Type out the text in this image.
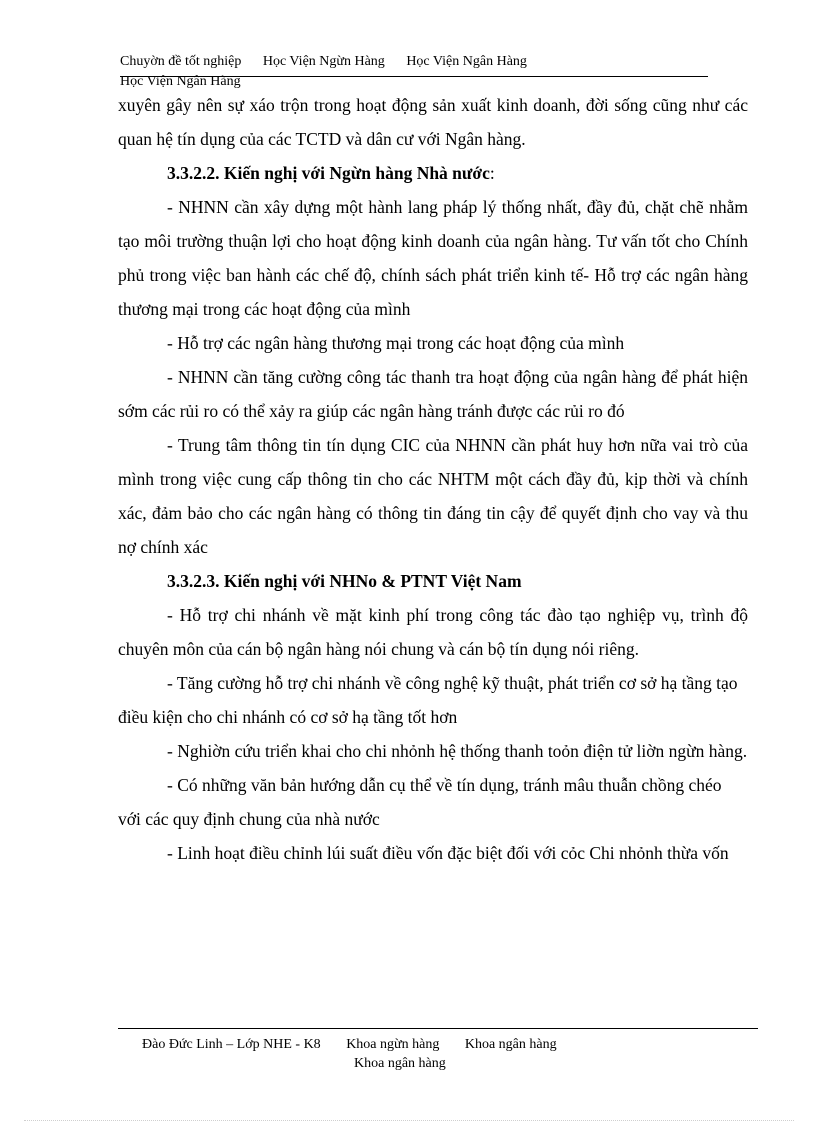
Chuyờn đề tốt nghiệp Học Viện Ngừn Hàng Học Viện Ngân Hàng
Học Viện Ngân Hàng

xuyên gây nên sự xáo trộn trong hoạt động sản xuất kinh doanh, đời sống cũng như các quan hệ tín dụng của các TCTD và dân cư với Ngân hàng.

3.3.2.2. Kiến nghị với Ngừn hàng Nhà nước:

- NHNN cần xây dựng một hành lang pháp lý thống nhất, đầy đủ, chặt chẽ nhằm tạo môi trường thuận lợi cho hoạt động kinh doanh của ngân hàng. Tư vấn tốt cho Chính phủ trong việc ban hành các chế độ, chính sách phát triển kinh tế- Hỗ trợ các ngân hàng thương mại trong các hoạt động của mình

- Hỗ trợ các ngân hàng thương mại trong các hoạt động của mình

- NHNN cần tăng cường công tác thanh tra hoạt động của ngân hàng để phát hiện sớm các rủi ro có thể xảy ra giúp các ngân hàng tránh được các rủi ro đó

- Trung tâm thông tin tín dụng CIC của NHNN cần phát huy hơn nữa vai trò của mình trong việc cung cấp thông tin cho các NHTM một cách đầy đủ, kịp thời và chính xác, đảm bảo cho các ngân hàng có thông tin đáng tin cậy để quyết định cho vay và thu nợ chính xác

3.3.2.3. Kiến nghị với NHNo & PTNT Việt Nam

- Hỗ trợ chi nhánh về mặt kinh phí trong công tác đào tạo nghiệp vụ, trình độ chuyên môn của cán bộ ngân hàng nói chung và cán bộ tín dụng nói riêng.

- Tăng cường hỗ trợ chi nhánh về công nghệ kỹ thuật, phát triển cơ sở hạ tầng tạo điều kiện cho chi nhánh có cơ sở hạ tầng tốt hơn

- Nghiờn cứu triển khai cho chi nhỏnh hệ thống thanh toỏn điện tử liờn ngừn hàng.

- Có những văn bản hướng dẫn cụ thể về tín dụng, tránh mâu thuẫn chồng chéo với các quy định chung của nhà nước

- Linh hoạt điều chỉnh lúi suất điều vốn đặc biệt đối với cỏc Chi nhỏnh thừa vốn

Đào Đức Linh – Lớp NHE - K8 Khoa ngừn hàng Khoa ngân hàng
Khoa ngân hàng
